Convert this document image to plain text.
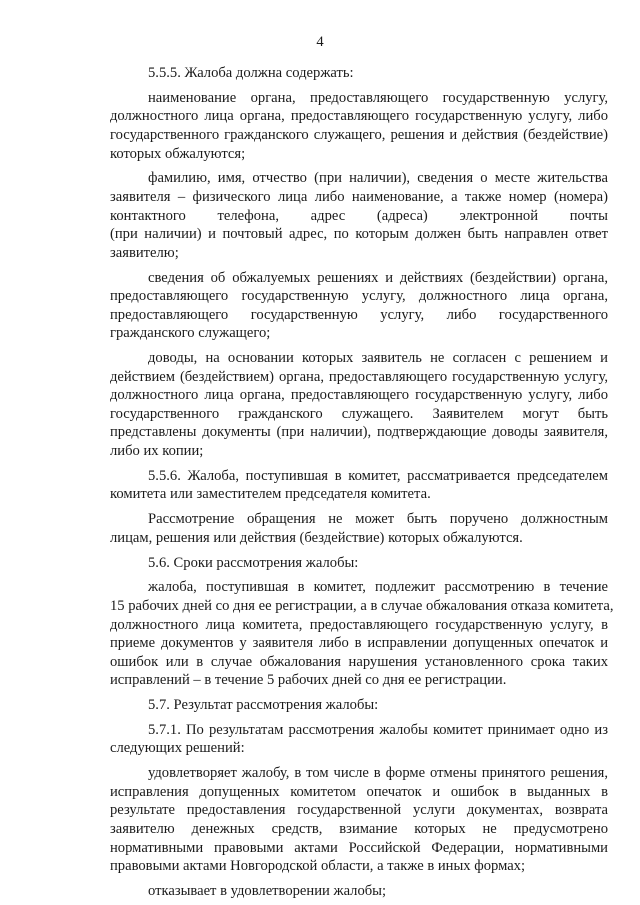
4
5.5.5. Жалоба должна содержать:
наименование органа, предоставляющего государственную услугу,
должностного лица органа, предоставляющего государственную услугу, либо
государственного гражданского служащего, решения и действия (бездействие)
которых обжалуются;
фамилию, имя, отчество (при наличии), сведения о месте жительства
заявителя – физического лица либо наименование, а также номер (номера)
контактного телефона, адрес (адреса) электронной почты
(при наличии) и почтовый адрес, по которым должен быть направлен ответ
заявителю;
сведения об обжалуемых решениях и действиях (бездействии) органа,
предоставляющего государственную услугу, должностного лица органа,
предоставляющего государственную услугу, либо государственного
гражданского служащего;
доводы, на основании которых заявитель не согласен с решением и
действием (бездействием) органа, предоставляющего государственную услугу,
должностного лица органа, предоставляющего государственную услугу, либо
государственного гражданского служащего. Заявителем могут быть
представлены документы (при наличии), подтверждающие доводы заявителя,
либо их копии;
5.5.6. Жалоба, поступившая в комитет, рассматривается председателем
комитета или заместителем председателя комитета.
Рассмотрение обращения не может быть поручено должностным
лицам, решения или действия (бездействие) которых обжалуются.
5.6. Сроки рассмотрения жалобы:
жалоба, поступившая в комитет, подлежит рассмотрению в течение
15 рабочих дней со дня ее регистрации, а в случае обжалования отказа комитета,
должностного лица комитета, предоставляющего государственную услугу, в
приеме документов у заявителя либо в исправлении допущенных опечаток и
ошибок или в случае обжалования нарушения установленного срока таких
исправлений – в течение 5 рабочих дней со дня ее регистрации.
5.7. Результат рассмотрения жалобы:
5.7.1. По результатам рассмотрения жалобы комитет принимает одно из
следующих решений:
удовлетворяет жалобу, в том числе в форме отмены принятого решения,
исправления допущенных комитетом опечаток и ошибок в выданных в
результате предоставления государственной услуги документах, возврата
заявителю денежных средств, взимание которых не предусмотрено
нормативными правовыми актами Российской Федерации, нормативными
правовыми актами Новгородской области, а также в иных формах;
отказывает в удовлетворении жалобы;
